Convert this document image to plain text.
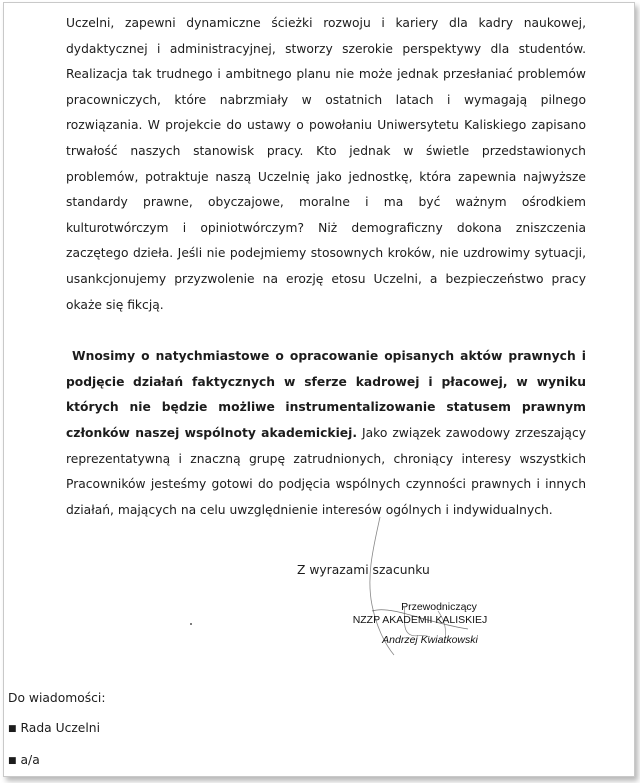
Uczelni, zapewni dynamiczne ścieżki rozwoju i kariery dla kadry naukowej, dydaktycznej i administracyjnej, stworzy szerokie perspektywy dla studentów. Realizacja tak trudnego i ambitnego planu nie może jednak przesłaniać problemów pracowniczych, które nabrzmiały w ostatnich latach i wymagają pilnego rozwiązania. W projekcie do ustawy o powołaniu Uniwersytetu Kaliskiego zapisano trwałość naszych stanowisk pracy. Kto jednak w świetle przedstawionych problemów, potraktuje naszą Uczelnię jako jednostkę, która zapewnia najwyższe standardy prawne, obyczajowe, moralne i ma być ważnym ośrodkiem kulturotwórczym i opiniotwórczym? Niż demograficzny dokona zniszczenia zaczętego dzieła. Jeśli nie podejmiemy stosownych kroków, nie uzdrowimy sytuacji, usankcjonujemy przyzwolenie na erozję etosu Uczelni, a bezpieczeństwo pracy okaże się fikcją.

Wnosimy o natychmiastowe o opracowanie opisanych aktów prawnych i podjęcie działań faktycznych w sferze kadrowej i płacowej, w wyniku których nie będzie możliwe instrumentalizowanie statusem prawnym członków naszej wspólnoty akademickiej. Jako związek zawodowy zrzeszający reprezentatywną i znaczną grupę zatrudnionych, chroniący interesy wszystkich Pracowników jesteśmy gotowi do podjęcia wspólnych czynności prawnych i innych działań, mających na celu uwzględnienie interesów ogólnych i indywidualnych.

Z wyrazami szacunku
Przewodniczący
NZZP AKADEMII KALISKIEJ
Andrzej Kwiatkowski
Do wiadomości:
■ Rada Uczelni
■ a/a
